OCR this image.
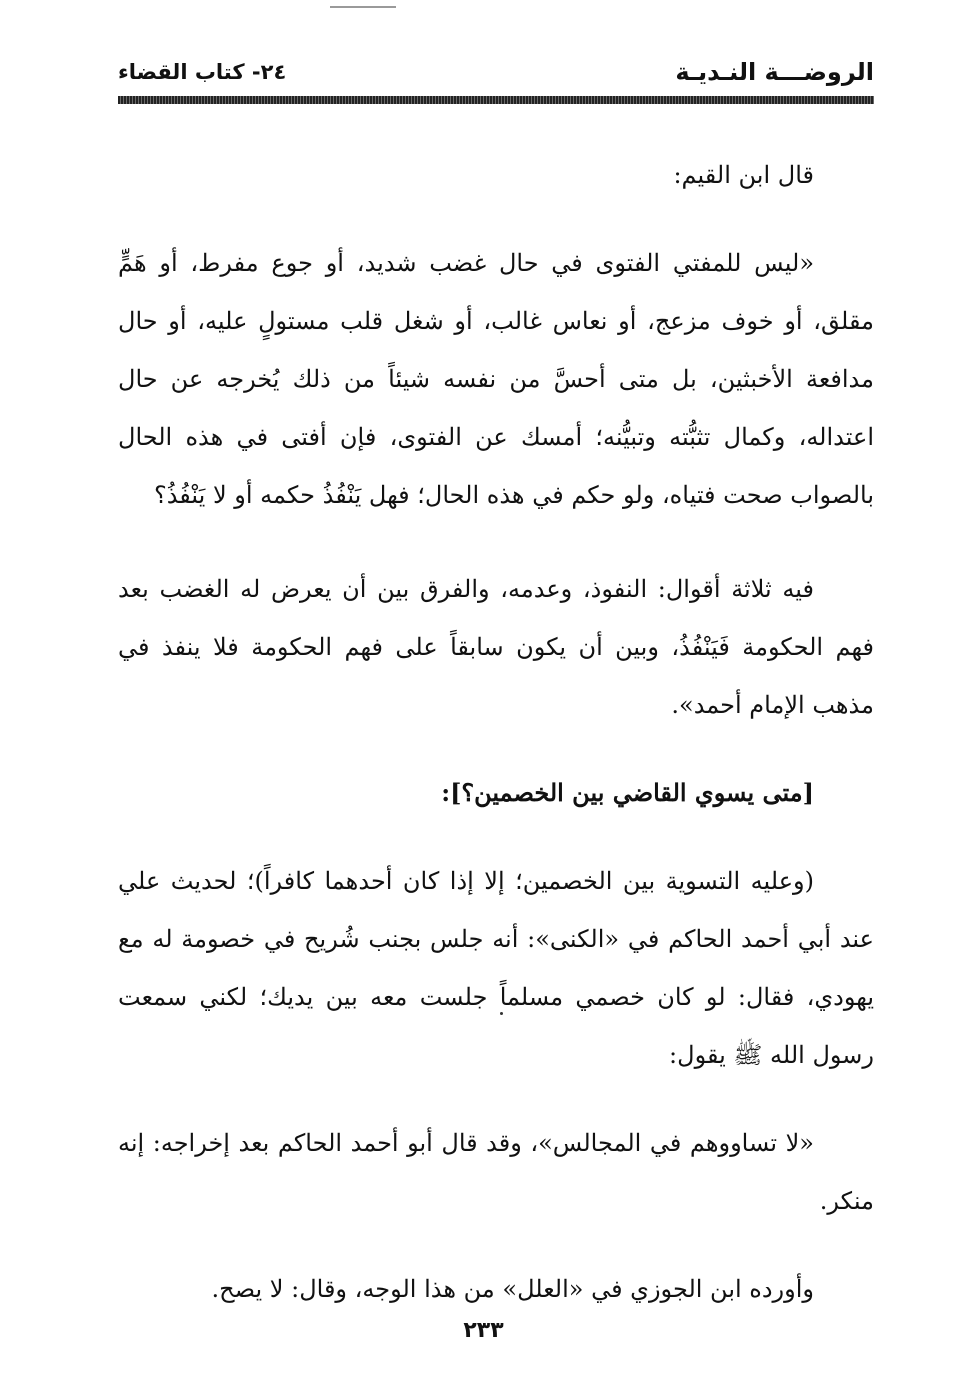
الروضـــة النـديـة
٢٤- كتاب القضاء

قال ابن القيم:

«ليس للمفتي الفتوى في حال غضب شديد، أو جوع مفرط، أو هَمٍّ مقلق، أو خوف مزعج، أو نعاس غالب، أو شغل قلب مستولٍ عليه، أو حال مدافعة الأخبثين، بل متى أحسَّ من نفسه شيئاً من ذلك يُخرجه عن حال اعتداله، وكمال تثبُّته وتبيُّنه؛ أمسك عن الفتوى، فإن أفتى في هذه الحال بالصواب صحت فتياه، ولو حكم في هذه الحال؛ فهل يَنْفُذُ حكمه أو لا يَنْفُذُ؟

فيه ثلاثة أقوال: النفوذ، وعدمه، والفرق بين أن يعرض له الغضب بعد فهم الحكومة فَيَنْفُذُ، وبين أن يكون سابقاً على فهم الحكومة فلا ينفذ في مذهب الإمام أحمد».

[متى يسوي القاضي بين الخصمين؟]:

(وعليه التسوية بين الخصمين؛ إلا إذا كان أحدهما كافراً)؛ لحديث علي عند أبي أحمد الحاكم في «الكنى»: أنه جلس بجنب شُريح في خصومة له مع يهودي، فقال: لو كان خصمي مسلماً جلست معه بين يديك؛ لكني سمعت رسول الله ﷺ يقول:

«لا تساووهم في المجالس»، وقد قال أبو أحمد الحاكم بعد إخراجه: إنه منكر.

وأورده ابن الجوزي في «العلل» من هذا الوجه، وقال: لا يصح.

٢٣٣
